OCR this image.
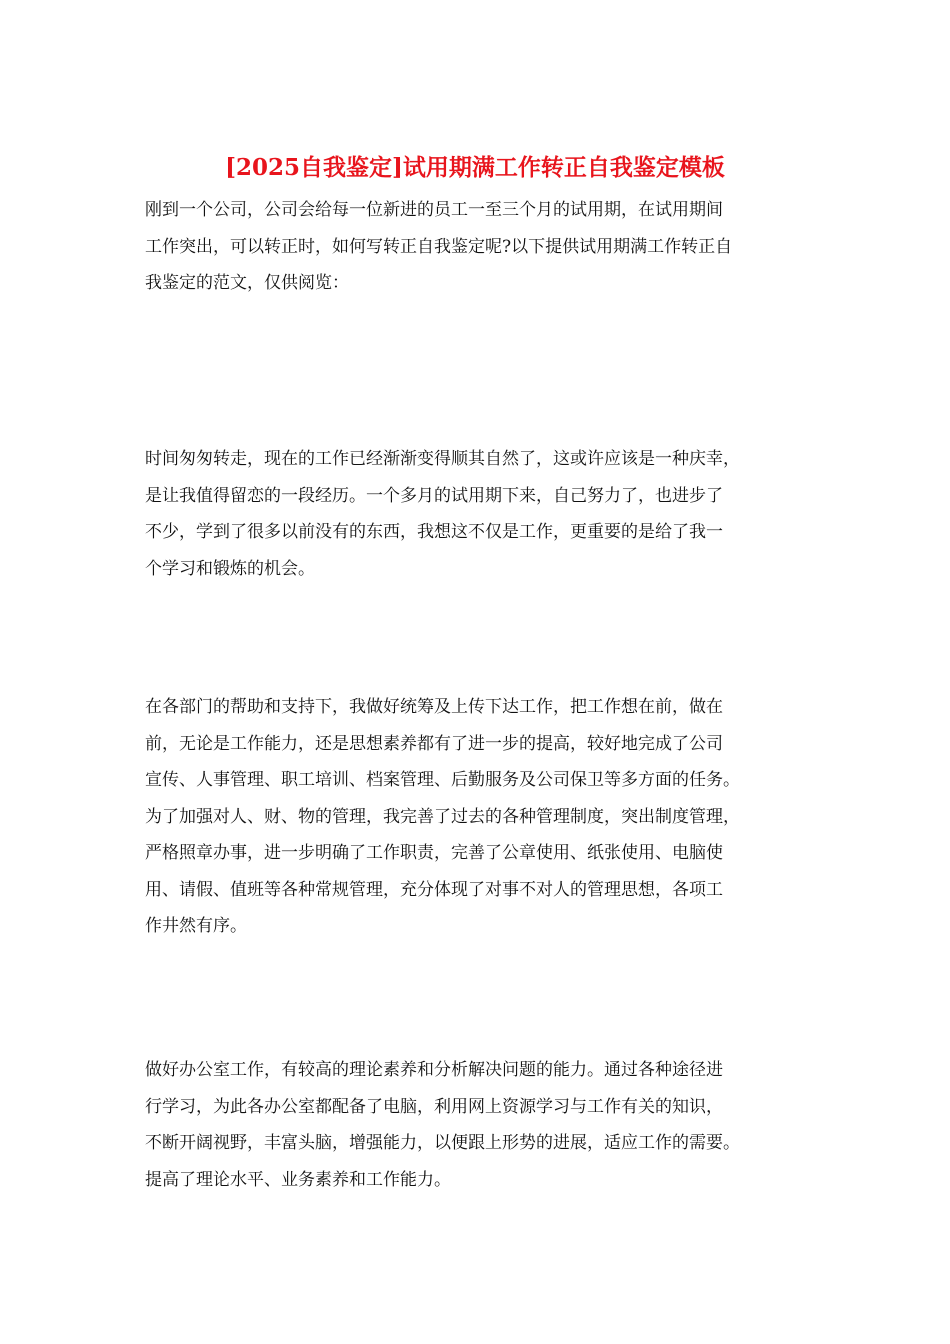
[2025自我鉴定]试用期满工作转正自我鉴定模板

刚到一个公司，公司会给每一位新进的员工一至三个月的试用期，在试用期间
工作突出，可以转正时，如何写转正自我鉴定呢?以下提供试用期满工作转正自
我鉴定的范文，仅供阅览：

时间匆匆转走，现在的工作已经渐渐变得顺其自然了，这或许应该是一种庆幸，
是让我值得留恋的一段经历。一个多月的试用期下来，自己努力了，也进步了
不少，学到了很多以前没有的东西，我想这不仅是工作，更重要的是给了我一
个学习和锻炼的机会。

在各部门的帮助和支持下，我做好统筹及上传下达工作，把工作想在前，做在
前，无论是工作能力，还是思想素养都有了进一步的提高，较好地完成了公司
宣传、人事管理、职工培训、档案管理、后勤服务及公司保卫等多方面的任务。
为了加强对人、财、物的管理，我完善了过去的各种管理制度，突出制度管理，
严格照章办事，进一步明确了工作职责，完善了公章使用、纸张使用、电脑使
用、请假、值班等各种常规管理，充分体现了对事不对人的管理思想，各项工
作井然有序。

做好办公室工作，有较高的理论素养和分析解决问题的能力。通过各种途径进
行学习，为此各办公室都配备了电脑，利用网上资源学习与工作有关的知识，
不断开阔视野，丰富头脑，增强能力，以便跟上形势的进展，适应工作的需要。
提高了理论水平、业务素养和工作能力。
